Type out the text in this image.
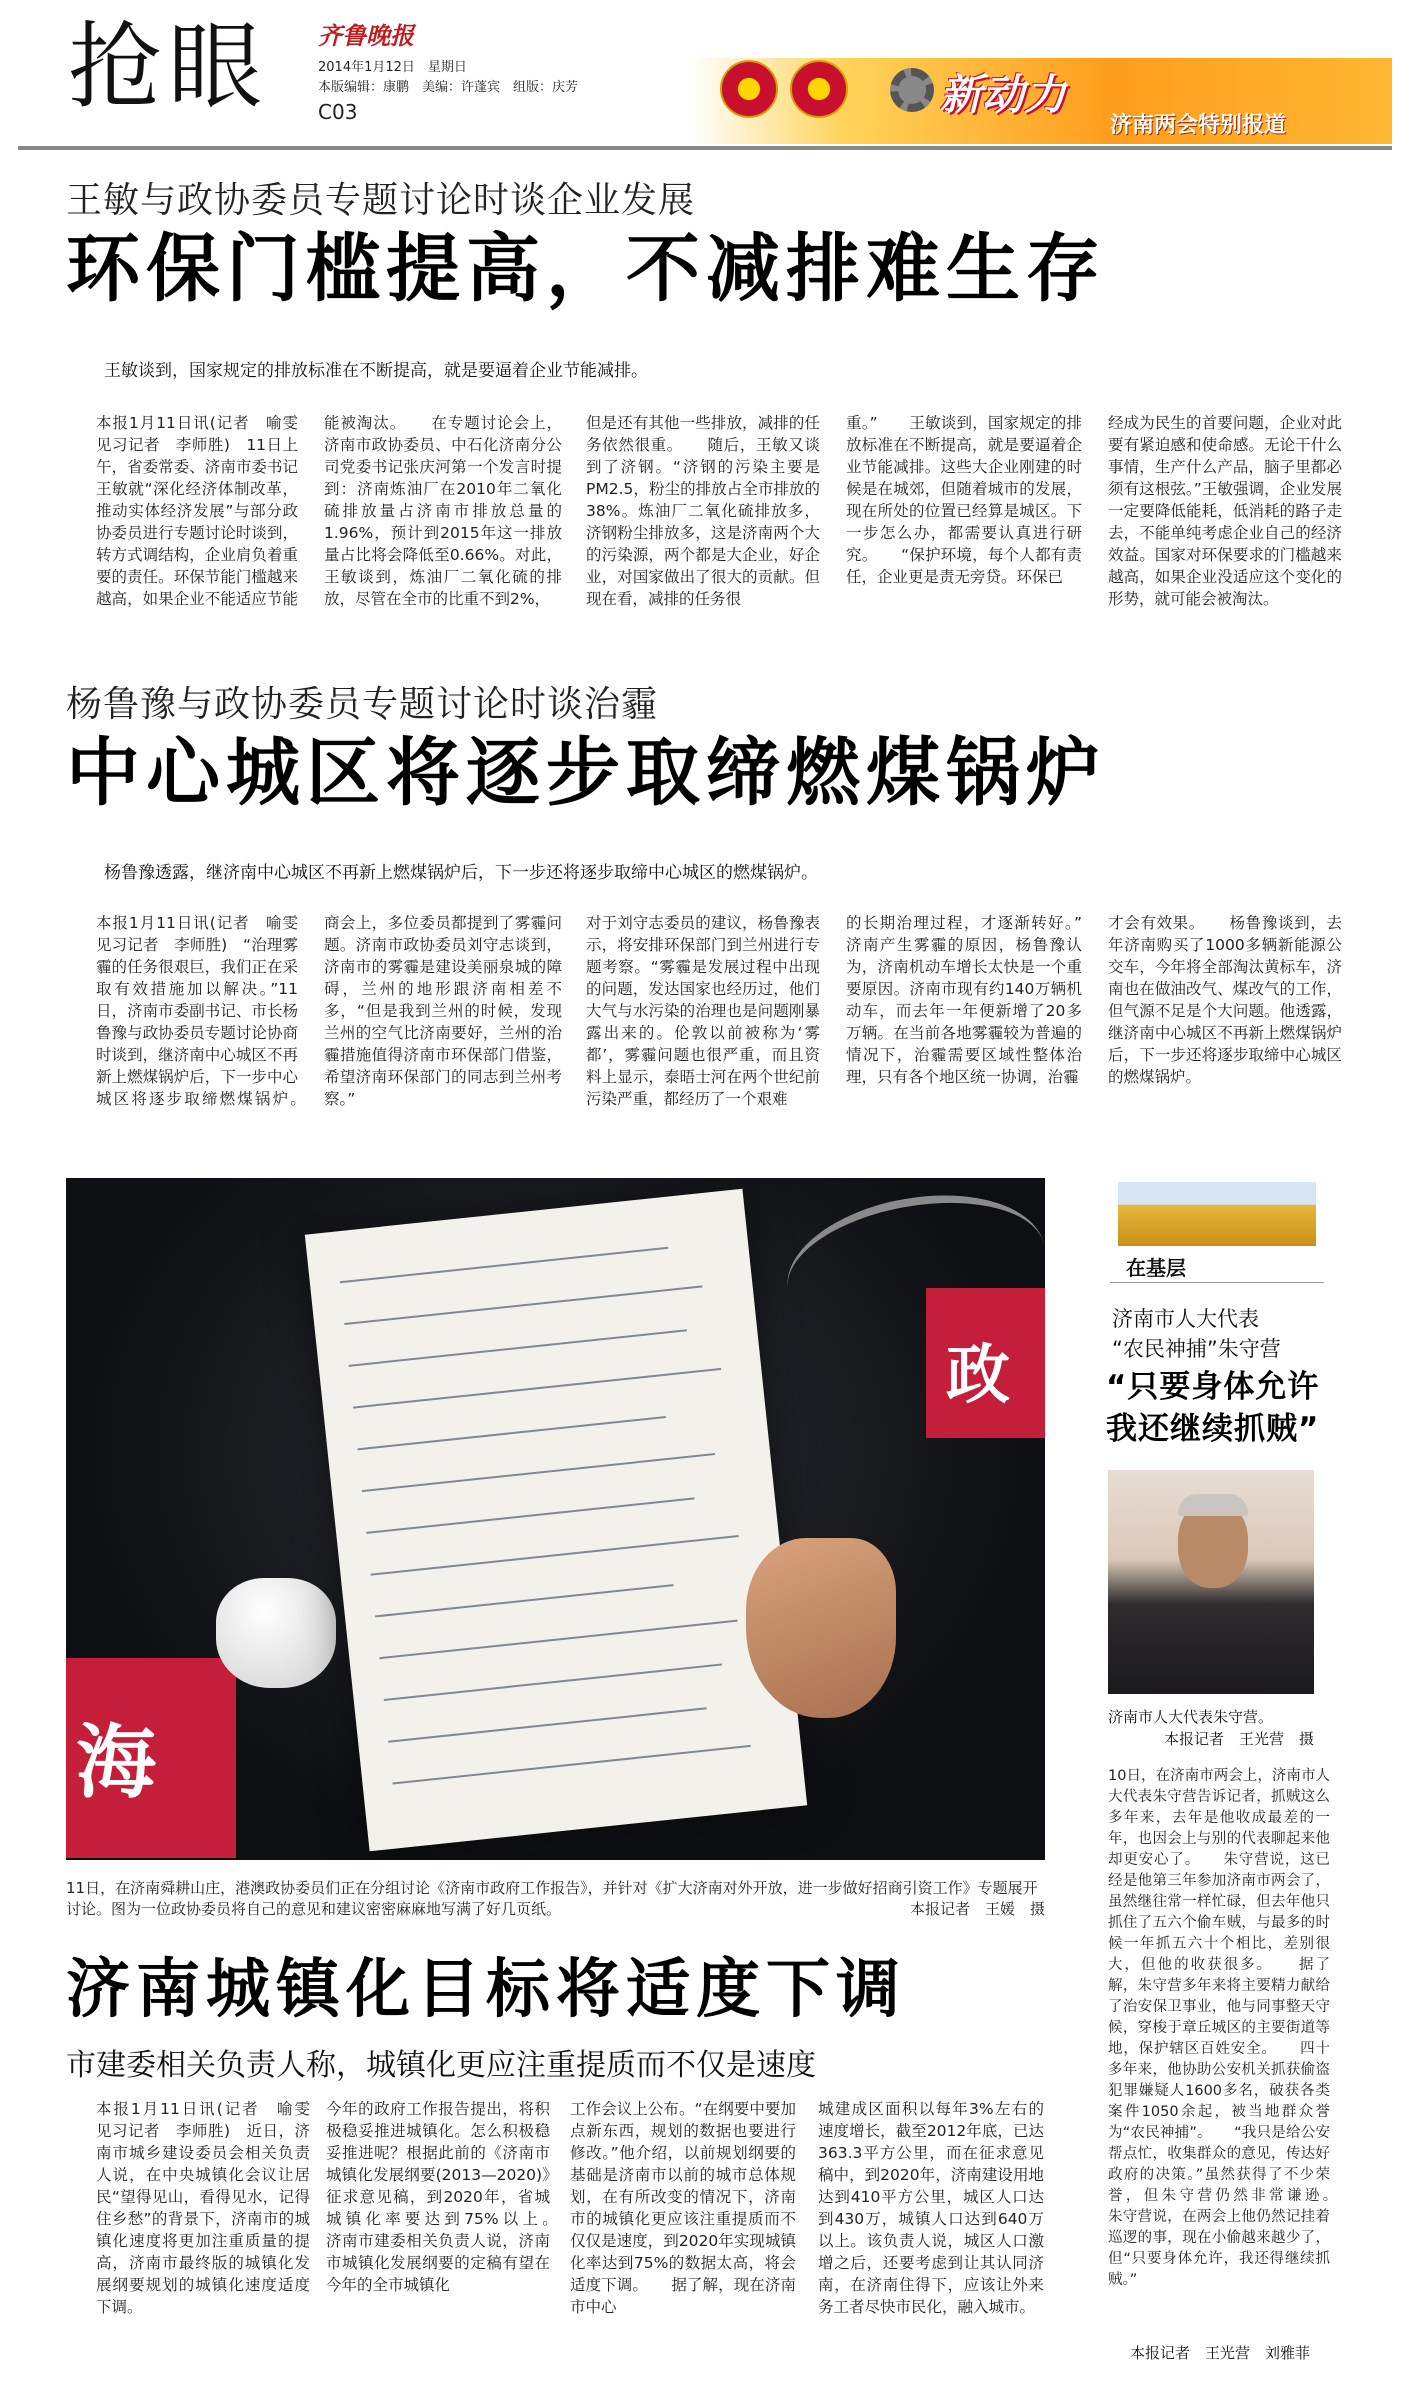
抢眼 齐鲁晚报
2014年1月12日　星期日
本版编辑：康鹏　美编：许蓬宾　组版：庆芳
C03	新动力
济南两会特别报道
王敏与政协委员专题讨论时谈企业发展
环保门槛提高，不减排难生存
王敏谈到，国家规定的排放标准在不断提高，就是要逼着企业节能减排。
本报1月11日讯(记者　喻雯　见习记者　李师胜)　11日上午，省委常委、济南市委书记王敏就“深化经济体制改革，推动实体经济发展”与部分政协委员进行专题讨论时谈到，转方式调结构，企业肩负着重要的责任。环保节能门槛越来越高，如果企业不能适应节能
能被淘汰。　　在专题讨论会上，济南市政协委员、中石化济南分公司党委书记张庆河第一个发言时提到：济南炼油厂在2010年二氧化硫排放量占济南市排放总量的1.96%，预计到2015年这一排放量占比将会降低至0.66%。对此，王敏谈到，炼油厂二氧化硫的排放，尽管在全市的比重不到2%，
但是还有其他一些排放，减排的任务依然很重。　　随后，王敏又谈到了济钢。“济钢的污染主要是PM2.5，粉尘的排放占全市排放的38%。炼油厂二氧化硫排放多，济钢粉尘排放多，这是济南两个大的污染源，两个都是大企业，好企业，对国家做出了很大的贡献。但现在看，减排的任务很
重。”　　王敏谈到，国家规定的排放标准在不断提高，就是要逼着企业节能减排。这些大企业刚建的时候是在城郊，但随着城市的发展，现在所处的位置已经算是城区。下一步怎么办，都需要认真进行研究。　　“保护环境，每个人都有责任，企业更是责无旁贷。环保已
经成为民生的首要问题，企业对此要有紧迫感和使命感。无论干什么事情，生产什么产品，脑子里都必须有这根弦。”王敏强调，企业发展一定要降低能耗，低消耗的路子走去，不能单纯考虑企业自己的经济效益。国家对环保要求的门槛越来越高，如果企业没适应这个变化的形势，就可能会被淘汰。
杨鲁豫与政协委员专题讨论时谈治霾
中心城区将逐步取缔燃煤锅炉
杨鲁豫透露，继济南中心城区不再新上燃煤锅炉后，下一步还将逐步取缔中心城区的燃煤锅炉。
本报1月11日讯(记者　喻雯　见习记者　李师胜)　“治理雾霾的任务很艰巨，我们正在采取有效措施加以解决。”11日，济南市委副书记、市长杨鲁豫与政协委员专题讨论协商时谈到，继济南中心城区不再新上燃煤锅炉后，下一步中心城区将逐步取缔燃煤锅炉。　　
商会上，多位委员都提到了雾霾问题。济南市政协委员刘守志谈到，济南市的雾霾是建设美丽泉城的障碍，兰州的地形跟济南相差不多，“但是我到兰州的时候，发现兰州的空气比济南要好，兰州的治霾措施值得济南市环保部门借鉴，希望济南环保部门的同志到兰州考察。”
对于刘守志委员的建议，杨鲁豫表示，将安排环保部门到兰州进行专题考察。“雾霾是发展过程中出现的问题，发达国家也经历过，他们大气与水污染的治理也是问题刚暴露出来的。伦敦以前被称为‘雾都’，雾霾问题也很严重，而且资料上显示，泰晤士河在两个世纪前污染严重，都经历了一个艰难
的长期治理过程，才逐渐转好。”　　济南产生雾霾的原因，杨鲁豫认为，济南机动车增长太快是一个重要原因。济南市现有约140万辆机动车，而去年一年便新增了20多万辆。在当前各地雾霾较为普遍的情况下，治霾需要区域性整体治理，只有各个地区统一协调，治霾
才会有效果。　　杨鲁豫谈到，去年济南购买了1000多辆新能源公交车，今年将全部淘汰黄标车，济南也在做油改气、煤改气的工作，但气源不足是个大问题。他透露，继济南中心城区不再新上燃煤锅炉后，下一步还将逐步取缔中心城区的燃煤锅炉。
海
政
11日，在济南舜耕山庄，港澳政协委员们正在分组讨论《济南市政府工作报告》，并针对《扩大济南对外开放，进一步做好招商引资工作》专题展开讨论。图为一位政协委员将自己的意见和建议密密麻麻地写满了好几页纸。	本报记者　王媛　摄
在基层
济南市人大代表
“农民神捕”朱守营
“只要身体允许
我还继续抓贼”
济南市人大代表朱守营。
本报记者　王光营　摄
10日，在济南市两会上，济南市人大代表朱守营告诉记者，抓贼这么多年来，去年是他收成最差的一年，也因会上与别的代表聊起来他却更安心了。　　朱守营说，这已经是他第三年参加济南市两会了，虽然继往常一样忙碌，但去年他只抓住了五六个偷车贼，与最多的时候一年抓五六十个相比，差别很大，但他的收获很多。　　据了解，朱守营多年来将主要精力献给了治安保卫事业，他与同事整天守候，穿梭于章丘城区的主要街道等地，保护辖区百姓安全。　　四十多年来，他协助公安机关抓获偷盗犯罪嫌疑人1600多名，破获各类案件1050余起，被当地群众誉为“农民神捕”。　　“我只是给公安帮点忙，收集群众的意见，传达好政府的决策。”虽然获得了不少荣誉，但朱守营仍然非常谦逊。　　朱守营说，在两会上他仍然记挂着巡逻的事，现在小偷越来越少了，但“只要身体允许，我还得继续抓贼。”
本报记者　王光营　刘雅菲
济南城镇化目标将适度下调
市建委相关负责人称，城镇化更应注重提质而不仅是速度
本报1月11日讯(记者　喻雯　见习记者　李师胜)　近日，济南市城乡建设委员会相关负责人说，在中央城镇化会议让居民“望得见山，看得见水，记得住乡愁”的背景下，济南市的城镇化速度将更加注重质量的提高，济南市最终版的城镇化发展纲要规划的城镇化速度适度下调。
今年的政府工作报告提出，将积极稳妥推进城镇化。怎么积极稳妥推进呢？根据此前的《济南市城镇化发展纲要(2013—2020)》征求意见稿，到2020年，省城城镇化率要达到75%以上。　　济南市建委相关负责人说，济南市城镇化发展纲要的定稿有望在今年的全市城镇化
工作会议上公布。“在纲要中要加点新东西，规划的数据也要进行修改。”他介绍，以前规划纲要的基础是济南市以前的城市总体规划，在有所改变的情况下，济南市的城镇化更应该注重提质而不仅仅是速度，到2020年实现城镇化率达到75%的数据太高，将会适度下调。　　据了解，现在济南市中心
城建成区面积以每年3%左右的速度增长，截至2012年底，已达363.3平方公里，而在征求意见稿中，到2020年，济南建设用地达到410平方公里，城区人口达到430万，城镇人口达到640万以上。该负责人说，城区人口激增之后，还要考虑到让其认同济南，在济南住得下，应该让外来务工者尽快市民化，融入城市。
